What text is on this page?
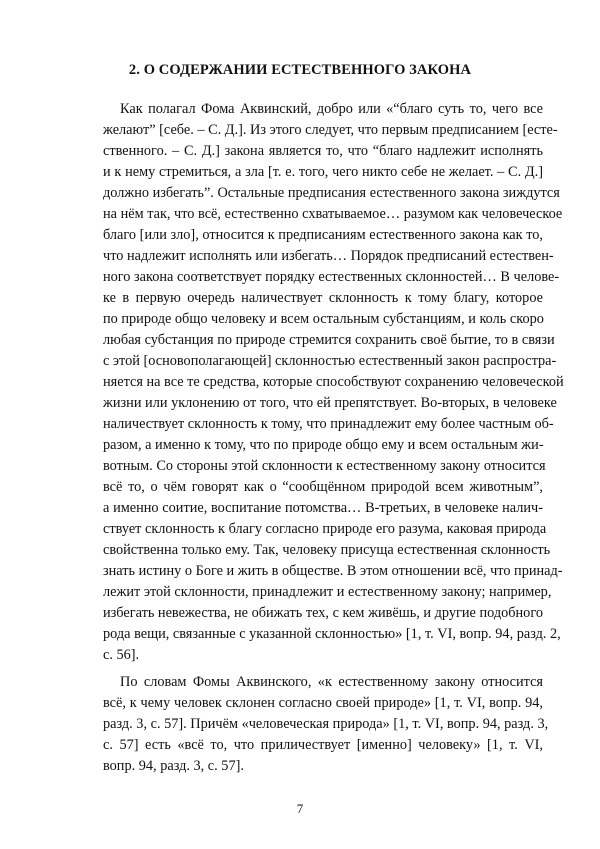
2. О СОДЕРЖАНИИ ЕСТЕСТВЕННОГО ЗАКОНА
Как полагал Фома Аквинский, добро или «“благо суть то, чего все
желают” [себе. – С. Д.]. Из этого следует, что первым предписанием [есте-
ственного. – С. Д.] закона является то, что “благо надлежит исполнять
и к нему стремиться, а зла [т. е. того, чего никто себе не желает. – С. Д.]
должно избегать”. Остальные предписания естественного закона зиждутся
на нём так, что всё, естественно схватываемое… разумом как человеческое
благо [или зло], относится к предписаниям естественного закона как то,
что надлежит исполнять или избегать… Порядок предписаний естествен-
ного закона соответствует порядку естественных склонностей… В челове-
ке в первую очередь наличествует склонность к тому благу, которое
по природе общо человеку и всем остальным субстанциям, и коль скоро
любая субстанция по природе стремится сохранить своё бытие, то в связи
с этой [основополагающей] склонностью естественный закон распростра-
няется на все те средства, которые способствуют сохранению человеческой
жизни или уклонению от того, что ей препятствует. Во-вторых, в человеке
наличествует склонность к тому, что принадлежит ему более частным об-
разом, а именно к тому, что по природе общо ему и всем остальным жи-
вотным. Со стороны этой склонности к естественному закону относится
всё то, о чём говорят как о “сообщённом природой всем животным”,
а именно соитие, воспитание потомства… В-третьих, в человеке налич-
ствует склонность к благу согласно природе его разума, каковая природа
свойственна только ему. Так, человеку присуща естественная склонность
знать истину о Боге и жить в обществе. В этом отношении всё, что принад-
лежит этой склонности, принадлежит и естественному закону; например,
избегать невежества, не обижать тех, с кем живёшь, и другие подобного
рода вещи, связанные с указанной склонностью» [1, т. VI, вопр. 94, разд. 2,
с. 56].
По словам Фомы Аквинского, «к естественному закону относится
всё, к чему человек склонен согласно своей природе» [1, т. VI, вопр. 94,
разд. 3, с. 57]. Причём «человеческая природа» [1, т. VI, вопр. 94, разд. 3,
с. 57] есть «всё то, что приличествует [именно] человеку» [1, т. VI,
вопр. 94, разд. 3, с. 57].
7
